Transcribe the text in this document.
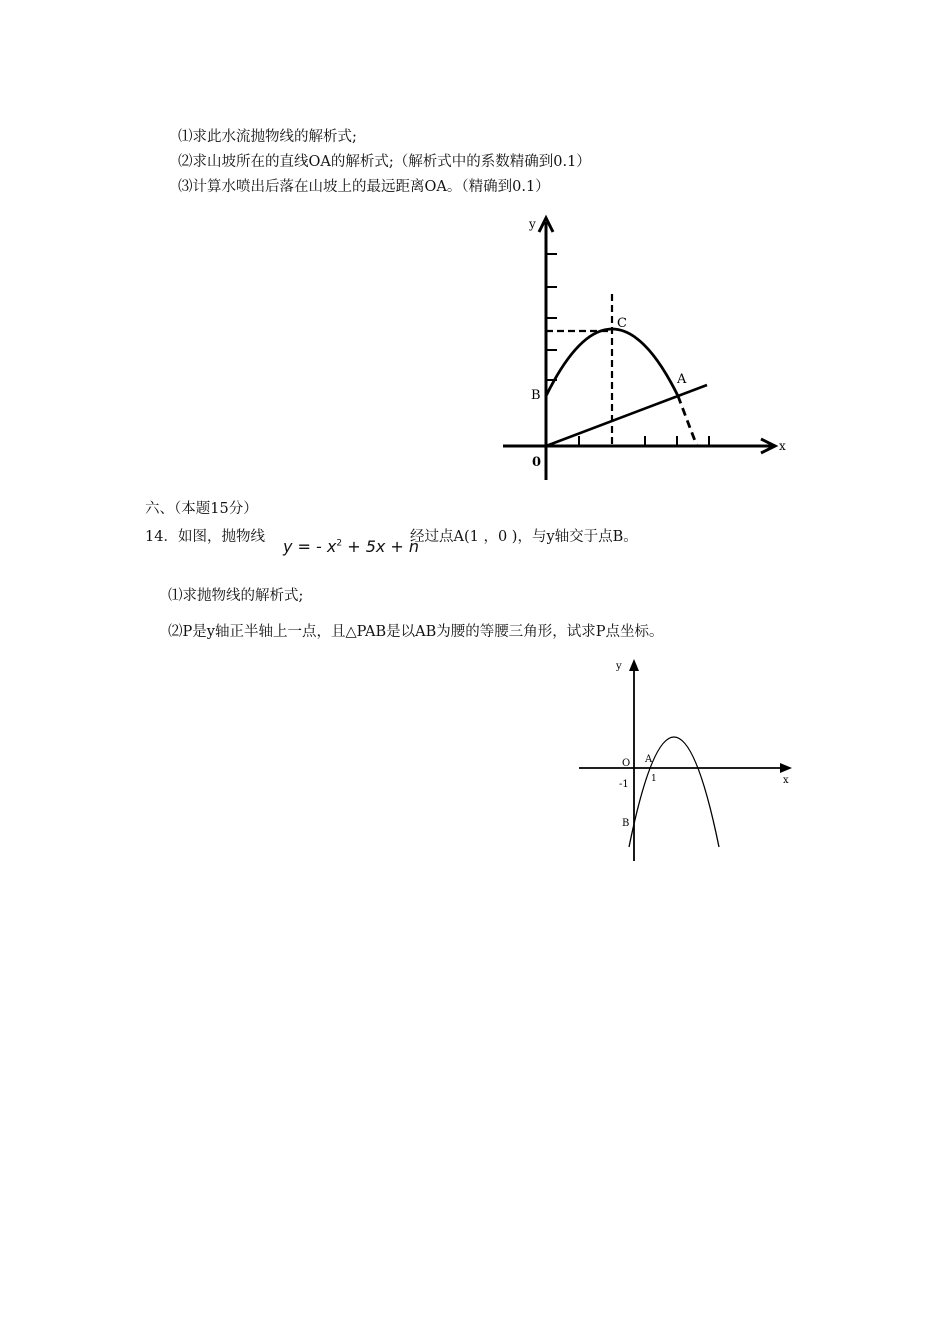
⑴求此水流抛物线的解析式;
⑵求山坡所在的直线OA的解析式;（解析式中的系数精确到0.1）
⑶计算水喷出后落在山坡上的最远距离OA。（精确到0.1）
y
x
C
B
A
0
六、（本题15分）
14．如图，抛物线 y = - $x^2 + 5x + n$
经过点A(1 ，0 )，与y轴交于点B。
⑴求抛物线的解析式;
⑵P是y轴正半轴上一点，且△PAB是以AB为腰的等腰三角形，试求P点坐标。
y
x
O A
1
-1
B
